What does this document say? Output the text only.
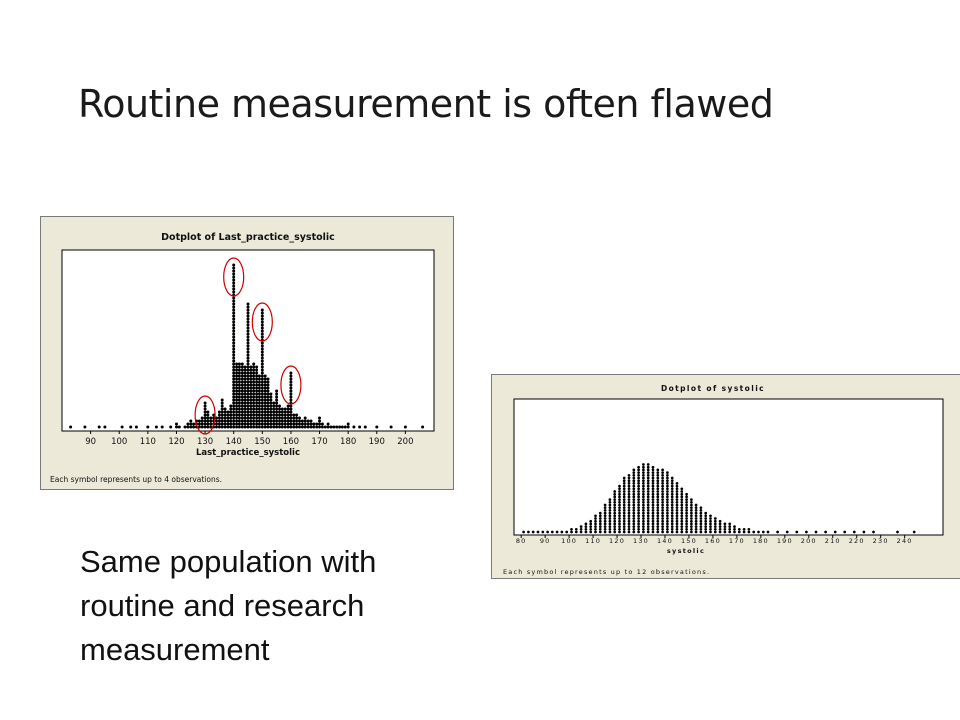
Routine measurement is often flawed
Dotplot of Last_practice_systolic
90 100 110 120 130 140 150 160 170 180 190 200
Last_practice_systolic
Each symbol represents up to 4 observations.
Dotplot of systolic
80 90 100 110 120 130 140 150 160 170 180 190 200 210 220 230 240
systolic
Each symbol represents up to 12 observations.
Same population with
routine and research
measurement
